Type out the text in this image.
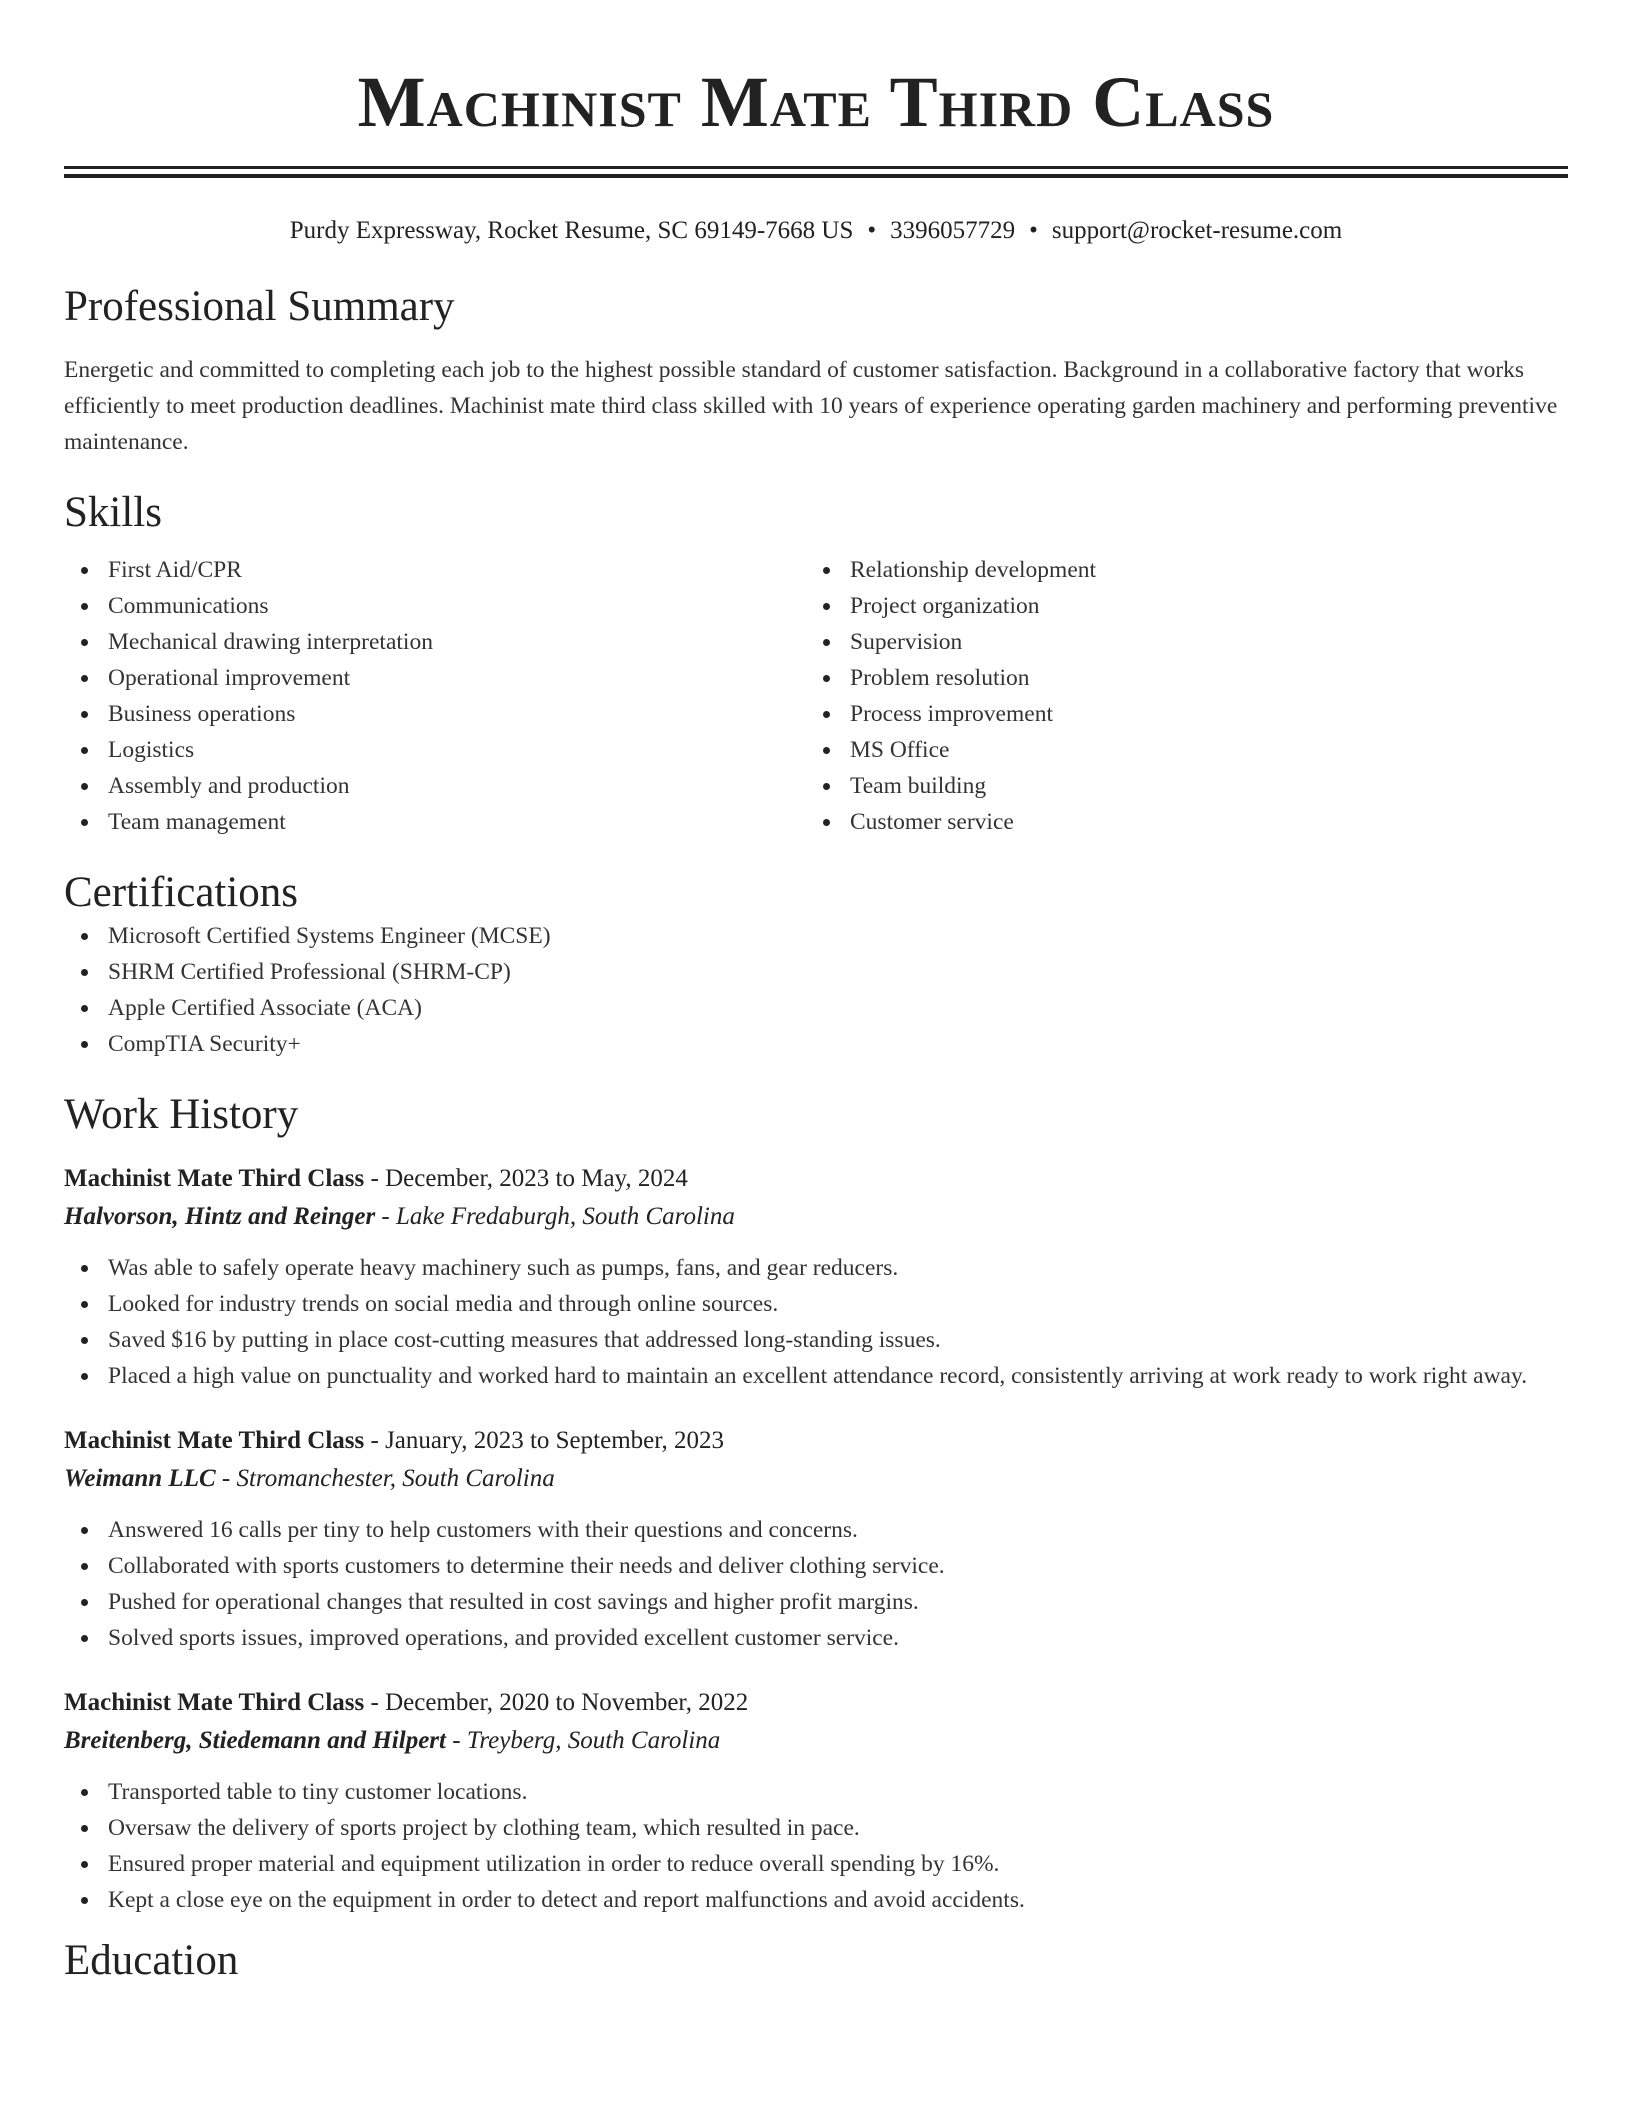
Machinist Mate Third Class
Purdy Expressway, Rocket Resume, SC 69149-7668 US • 3396057729 • support@rocket-resume.com
Professional Summary

Energetic and committed to completing each job to the highest possible standard of customer satisfaction. Background in a collaborative factory that works efficiently to meet production deadlines. Machinist mate third class skilled with 10 years of experience operating garden machinery and performing preventive maintenance.

Skills
First Aid/CPR
Communications
Mechanical drawing interpretation
Operational improvement
Business operations
Logistics
Assembly and production
Team management
Relationship development
Project organization
Supervision
Problem resolution
Process improvement
MS Office
Team building
Customer service
Certifications
Microsoft Certified Systems Engineer (MCSE)
SHRM Certified Professional (SHRM-CP)
Apple Certified Associate (ACA)
CompTIA Security+
Work History
Machinist Mate Third Class - December, 2023 to May, 2024
Halvorson, Hintz and Reinger - Lake Fredaburgh, South Carolina
Was able to safely operate heavy machinery such as pumps, fans, and gear reducers.
Looked for industry trends on social media and through online sources.
Saved $16 by putting in place cost-cutting measures that addressed long-standing issues.
Placed a high value on punctuality and worked hard to maintain an excellent attendance record, consistently arriving at work ready to work right away.
Machinist Mate Third Class - January, 2023 to September, 2023
Weimann LLC - Stromanchester, South Carolina
Answered 16 calls per tiny to help customers with their questions and concerns.
Collaborated with sports customers to determine their needs and deliver clothing service.
Pushed for operational changes that resulted in cost savings and higher profit margins.
Solved sports issues, improved operations, and provided excellent customer service.
Machinist Mate Third Class - December, 2020 to November, 2022
Breitenberg, Stiedemann and Hilpert - Treyberg, South Carolina
Transported table to tiny customer locations.
Oversaw the delivery of sports project by clothing team, which resulted in pace.
Ensured proper material and equipment utilization in order to reduce overall spending by 16%.
Kept a close eye on the equipment in order to detect and report malfunctions and avoid accidents.
Education
